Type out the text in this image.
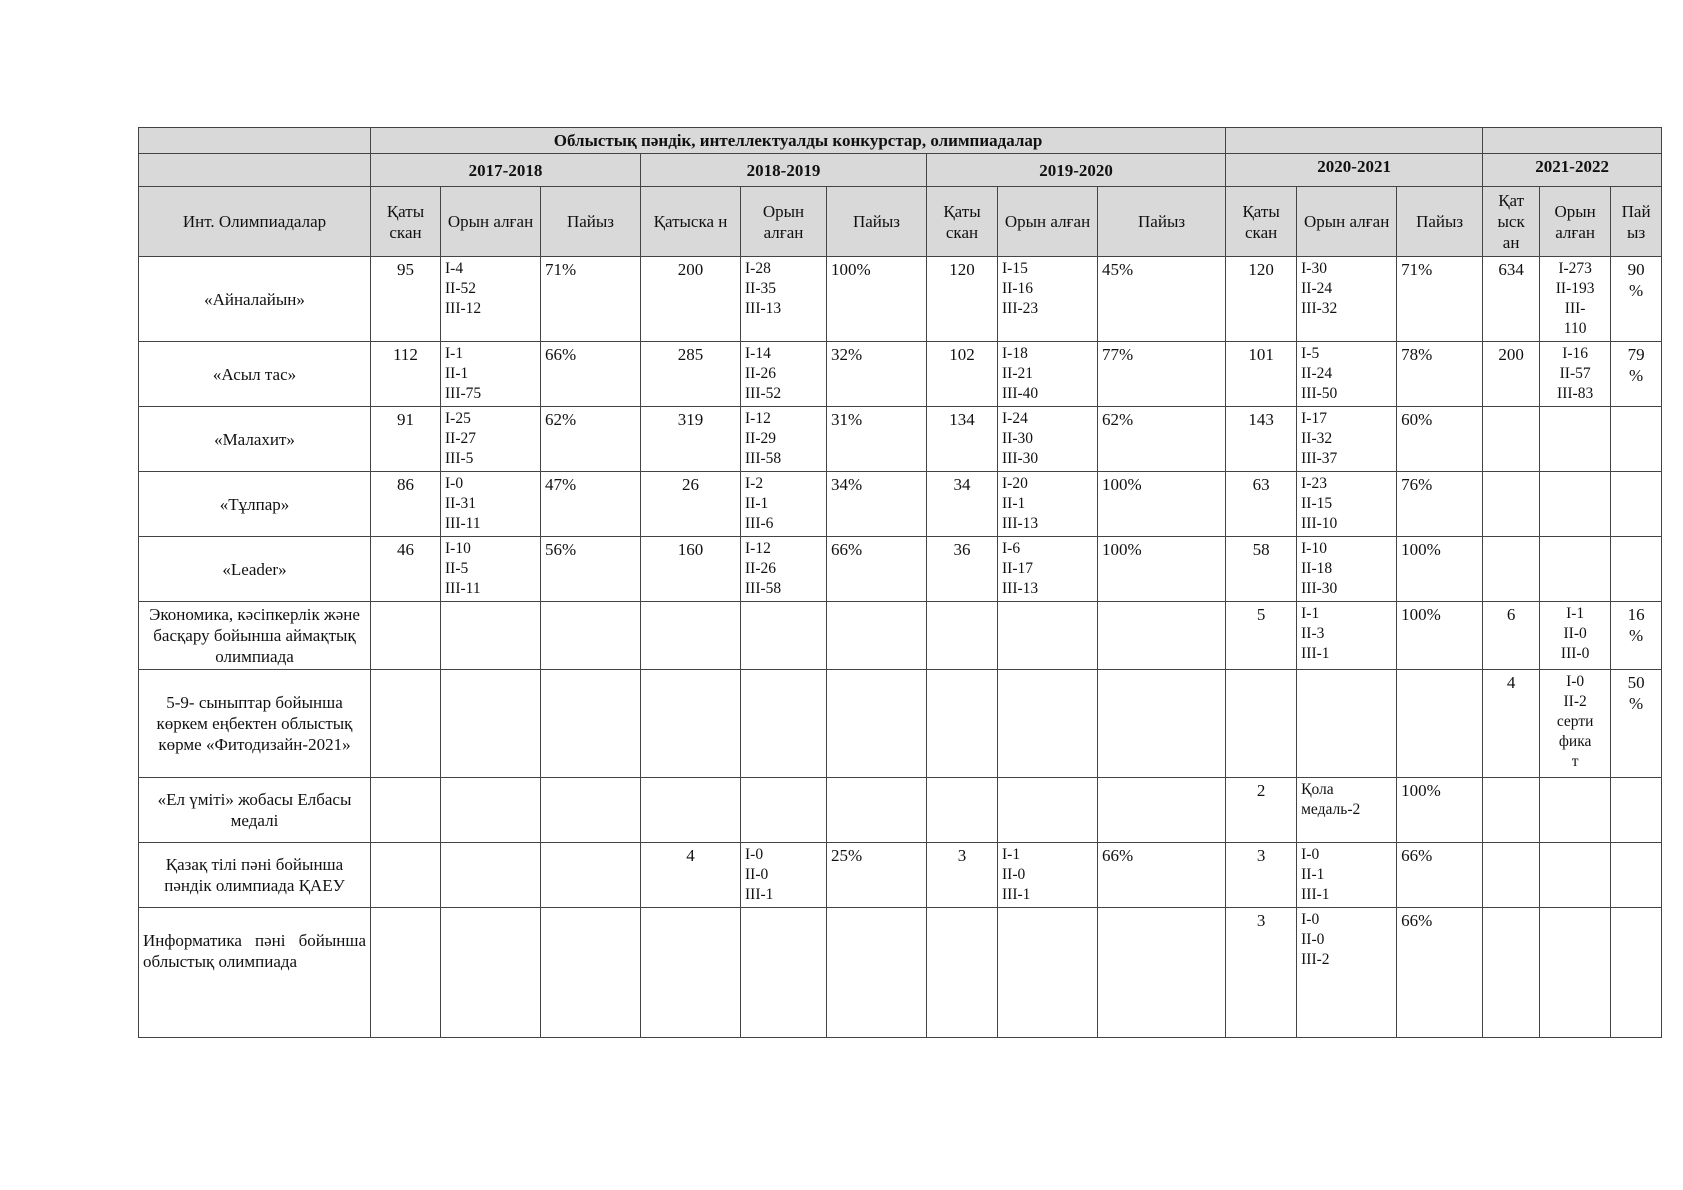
	Облыстық пәндік, интеллектуалды конкурстар, олимпиадалар														
	2017-2018			2018-2019			2019-2020			2020-2021			2021-2022		
Инт. Олимпиадалар	Қаты скан	Орын алған	Пайыз	Қатыска н	Орын алған	Пайыз	Қаты скан	Орын алған	Пайыз	Қаты скан	Орын алған	Пайыз	Қат ыск ан	Орын алған	Пай ыз
«Айналайын»	95	I-4
II-52
III-12	71%	200	I-28
II-35
III-13	100%	120	I-15
II-16
III-23	45%	120	I-30
II-24
III-32	71%	634	I-273
II-193
III-
110	90
%
«Асыл тас»	112	I-1
II-1
III-75	66%	285	I-14
II-26
III-52	32%	102	I-18
II-21
III-40	77%	101	I-5
II-24
III-50	78%	200	I-16
II-57
III-83	79
%
«Малахит»	91	I-25
II-27
III-5	62%	319	I-12
II-29
III-58	31%	134	I-24
II-30
III-30	62%	143	I-17
II-32
III-37	60%			
«Тұлпар»	86	I-0
II-31
III-11	47%	26	I-2
II-1
III-6	34%	34	I-20
II-1
III-13	100%	63	I-23
II-15
III-10	76%			
«Leader»	46	I-10
II-5
III-11	56%	160	I-12
II-26
III-58	66%	36	I-6
II-17
III-13	100%	58	I-10
II-18
III-30	100%			
Экономика, кәсіпкерлік және басқару бойынша аймақтық олимпиада										5	I-1
II-3
III-1	100%	6	I-1
II-0
III-0	16
%
5-9- сыныптар бойынша көркем еңбектен облыстық көрме «Фитодизайн-2021»													4	I-0
II-2
серти
фика
т	50
%
«Ел үміті» жобасы Елбасы медалі										2	Қола
медаль-2	100%			
Қазақ тілі пәні бойынша пәндік олимпиада ҚАЕУ				4	I-0
II-0
III-1	25%	3	I-1
II-0
III-1	66%	3	I-0
II-1
III-1	66%			
Информатика пәні бойынша облыстық олимпиада										3	I-0
II-0
III-2	66%			
